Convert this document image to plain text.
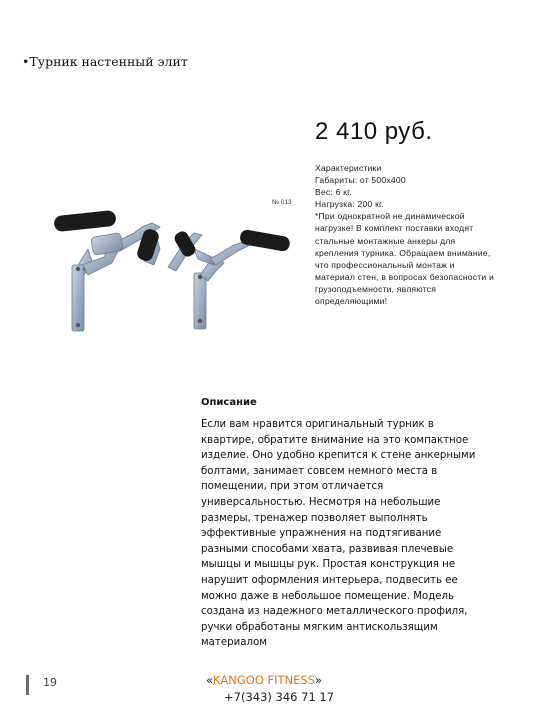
•Турник настенный элит
2 410 руб.
Характеристики
Габариты: от 500х400
Вес: 6 кг.
Нагрузка: 200 кг.
*При однократной не динамической
нагрузке! В комплект поставки входят
стальные монтажные анкеры для
крепления турника. Обращаем внимание,
что профессиональный монтаж и
материал стен, в вопросах безопасности и
грузоподъемности, являются
определяющими!
№ 013
Описание
Если вам нравится оригинальный турник в
квартире, обратите внимание на это компактное
изделие. Оно удобно крепится к стене анкерными
болтами, занимает совсем немного места в
помещении, при этом отличается
универсальностью. Несмотря на небольшие
размеры, тренажер позволяет выполнять
эффективные упражнения на подтягивание
разными способами хвата, развивая плечевые
мышцы и мышцы рук. Простая конструкция не
нарушит оформления интерьера, подвесить ее
можно даже в небольшое помещение. Модель
создана из надежного металлического профиля,
ручки обработаны мягким антискользящим
материалом
19	«KANGOO FITNESS»
+7(343) 346 71 17
